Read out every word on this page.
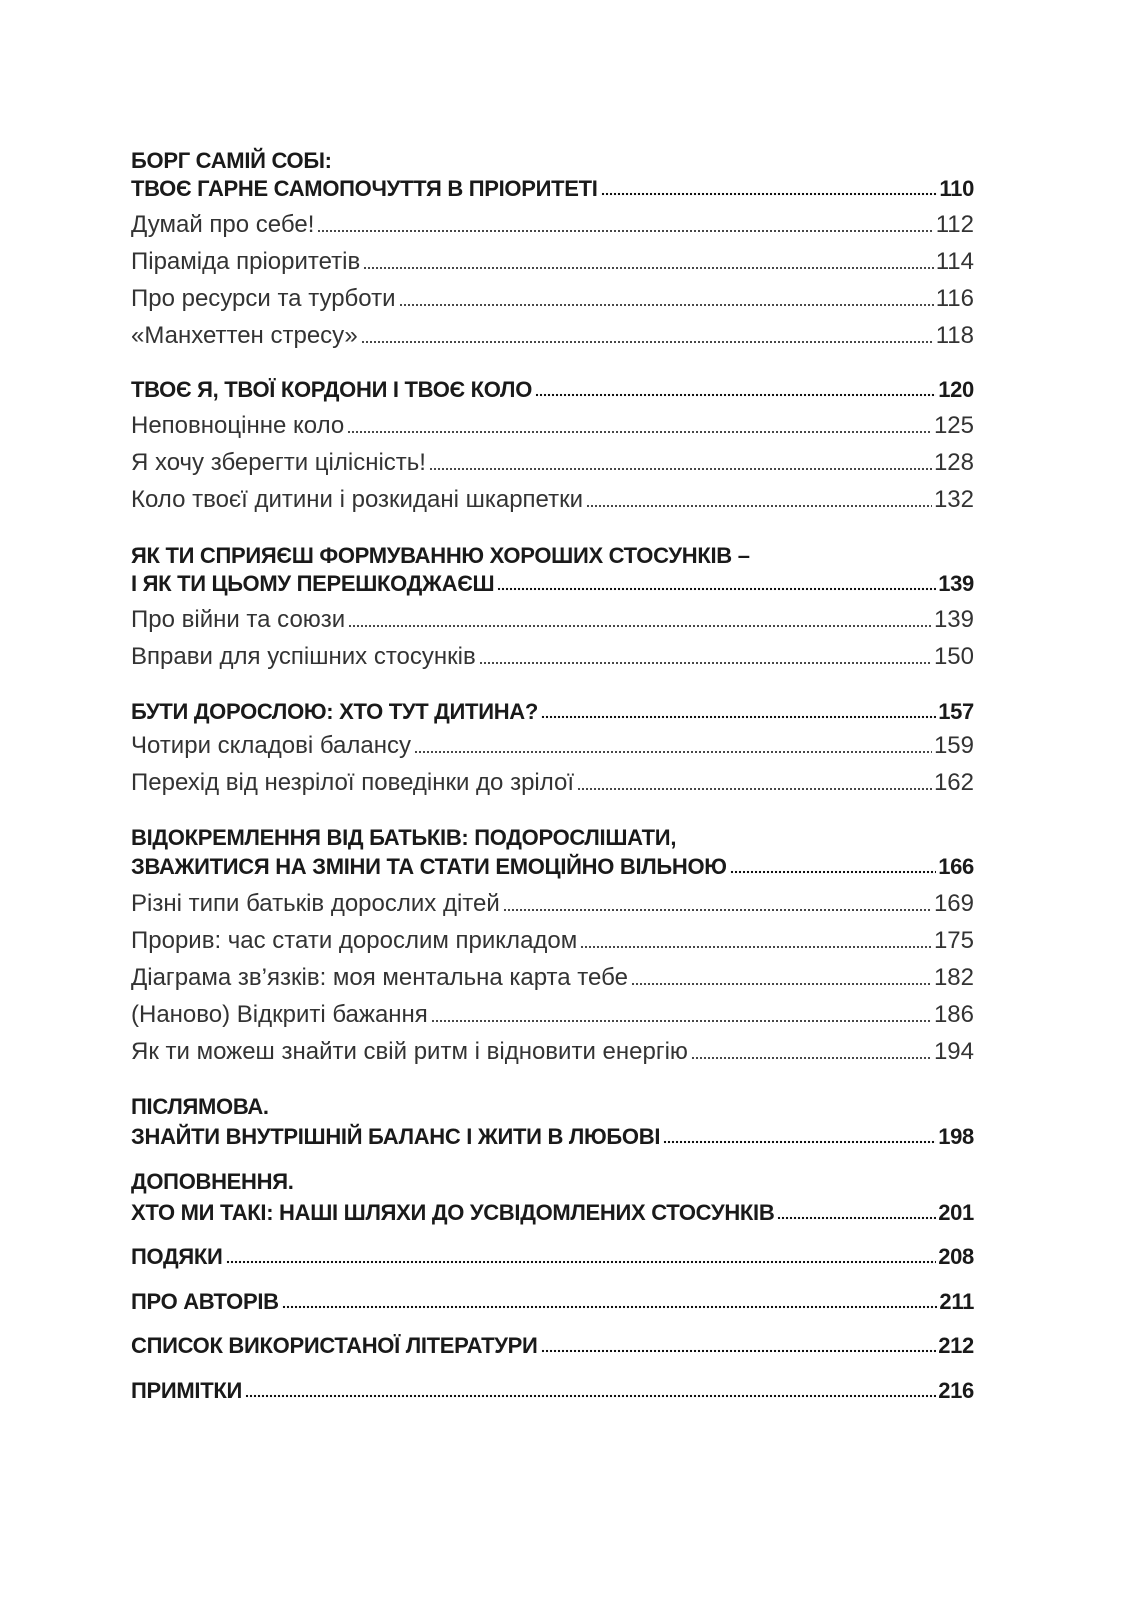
БОРГ САМІЙ СОБІ:
ТВОЄ ГАРНЕ САМОПОЧУТТЯ В ПРІОРИТЕТІ	110
Думай про себе!	112
Піраміда пріоритетів	114
Про ресурси та турботи	116
«Манхеттен стресу»	118
ТВОЄ Я, ТВОЇ КОРДОНИ І ТВОЄ КОЛО	120
Неповноцінне коло	125
Я хочу зберегти цілісність!	128
Коло твоєї дитини і розкидані шкарпетки	132
ЯК ТИ СПРИЯЄШ ФОРМУВАННЮ ХОРОШИХ СТОСУНКІВ –
І ЯК ТИ ЦЬОМУ ПЕРЕШКОДЖАЄШ	139
Про війни та союзи	139
Вправи для успішних стосунків	150
БУТИ ДОРОСЛОЮ: ХТО ТУТ ДИТИНА?	157
Чотири складові балансу	159
Перехід від незрілої поведінки до зрілої	162
ВІДОКРЕМЛЕННЯ ВІД БАТЬКІВ: ПОДОРОСЛІШАТИ,
ЗВАЖИТИСЯ НА ЗМІНИ ТА СТАТИ ЕМОЦІЙНО ВІЛЬНОЮ	166
Різні типи батьків дорослих дітей	169
Прорив: час стати дорослим прикладом	175
Діаграма зв’язків: моя ментальна карта тебе	182
(Наново) Відкриті бажання	186
Як ти можеш знайти свій ритм і відновити енергію	194
ПІСЛЯМОВА.
ЗНАЙТИ ВНУТРІШНІЙ БАЛАНС І ЖИТИ В ЛЮБОВІ	198
ДОПОВНЕННЯ.
ХТО МИ ТАКІ: НАШІ ШЛЯХИ ДО УСВІДОМЛЕНИХ СТОСУНКІВ	201
ПОДЯКИ	208
ПРО АВТОРІВ	211
СПИСОК ВИКОРИСТАНОЇ ЛІТЕРАТУРИ	212
ПРИМІТКИ	216
